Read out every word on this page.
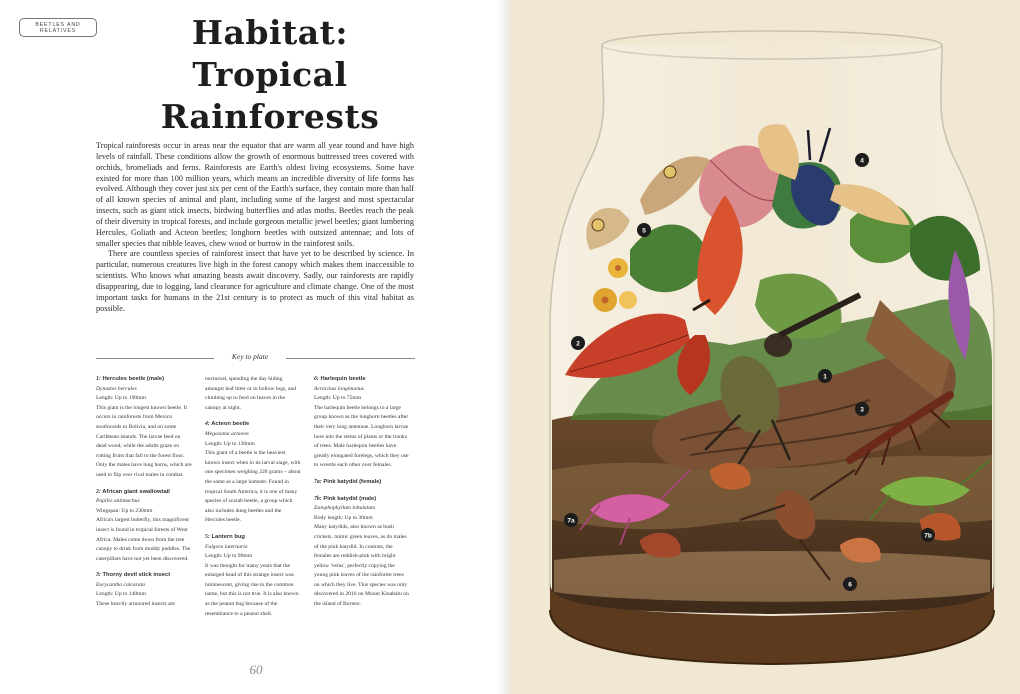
BEETLES AND
RELATIVES	Habitat:
Tropical
Rainforests

Tropical rainforests occur in areas near the equator that are warm all year round and have high levels of rainfall. These conditions allow the growth of enormous buttressed trees covered with orchids, bromeliads and ferns. Rainforests are Earth's oldest living ecosystems. Some have existed for more than 100 million years, which means an incredible diversity of life forms has evolved. Although they cover just six per cent of the Earth's surface, they contain more than half of all known species of animal and plant, including some of the largest and most spectacular insects, such as giant stick insects, birdwing butterflies and atlas moths. Beetles reach the peak of their diversity in tropical forests, and include gorgeous metallic jewel beetles; giant lumbering Hercules, Goliath and Acteon beetles; longhorn beetles with outsized antennae; and lots of smaller species that nibble leaves, chew wood or burrow in the rainforest soils.

There are countless species of rainforest insect that have yet to be described by science. In particular, numerous creatures live high in the forest canopy which makes them inaccessible to scientists. Who knows what amazing beasts await discovery. Sadly, our rainforests are rapidly disappearing, due to logging, land clearance for agriculture and climate change. One of the most important tasks for humans in the 21st century is to protect as much of this vital habitat as possible.

Key to plate
1: Hercules beetle (male)
Dynastes hercules
Length: Up to 190mm
This giant is the longest known beetle. It occurs in rainforests from Mexico southwards to Bolivia, and on some Caribbean islands. The larvae feed on dead wood, while the adults graze on rotting fruits that fall to the forest floor. Only the males have long horns, which are used to flip over rival males in combat.
2: African giant swallowtail
Papilio antimachus
Wingspan: Up to 230mm
Africa's largest butterfly, this magnificent insect is found in tropical forests of West Africa. Males come down from the tree canopy to drink from muddy puddles. The caterpillars have not yet been discovered.
3: Thorny devil stick insect
Eurycantha calcarata
Length: Up to 140mm
These heavily armoured insects are
nocturnal, spending the day hiding amongst leaf litter or in hollow logs, and climbing up to feed on leaves in the canopy at night.
4: Acteon beetle
Megasoma actaeon
Length: Up to 130mm
This giant of a beetle is the heaviest known insect when in its larval stage, with one specimen weighing 228 grams – about the same as a large hamster. Found in tropical South America, it is one of many species of scarab beetle, a group which also includes dung beetles and the Hercules beetle.
5: Lantern bug
Fulgora laternaria
Length: Up to 90mm
It was thought for many years that the enlarged head of this strange insect was luminescent, giving rise to the common name, but this is not true. It is also known as the peanut bug because of the resemblance to a peanut shell.
6: Harlequin beetle
Acrocinus longimanus
Length: Up to 75mm
The harlequin beetle belongs to a large group known as the longhorn beetles after their very long antennae. Longhorn larvae bore into the stems of plants or the trunks of trees. Male harlequin beetles have greatly elongated forelegs, which they use to wrestle each other over females.
7a: Pink katydid (female)
7b: Pink katydid (male)
Eulophophyllum lobulatum
Body length: Up to 30mm
Many katydids, also known as bush crickets, mimic green leaves, as do males of the pink katydid. In contrast, the females are reddish-pink with bright yellow 'veins', perfectly copying the young pink leaves of the rainforest trees on which they live. This species was only discovered in 2016 on Mount Kinabalu on the island of Borneo.
60
1
2
3
4
5
6
7a
7b
